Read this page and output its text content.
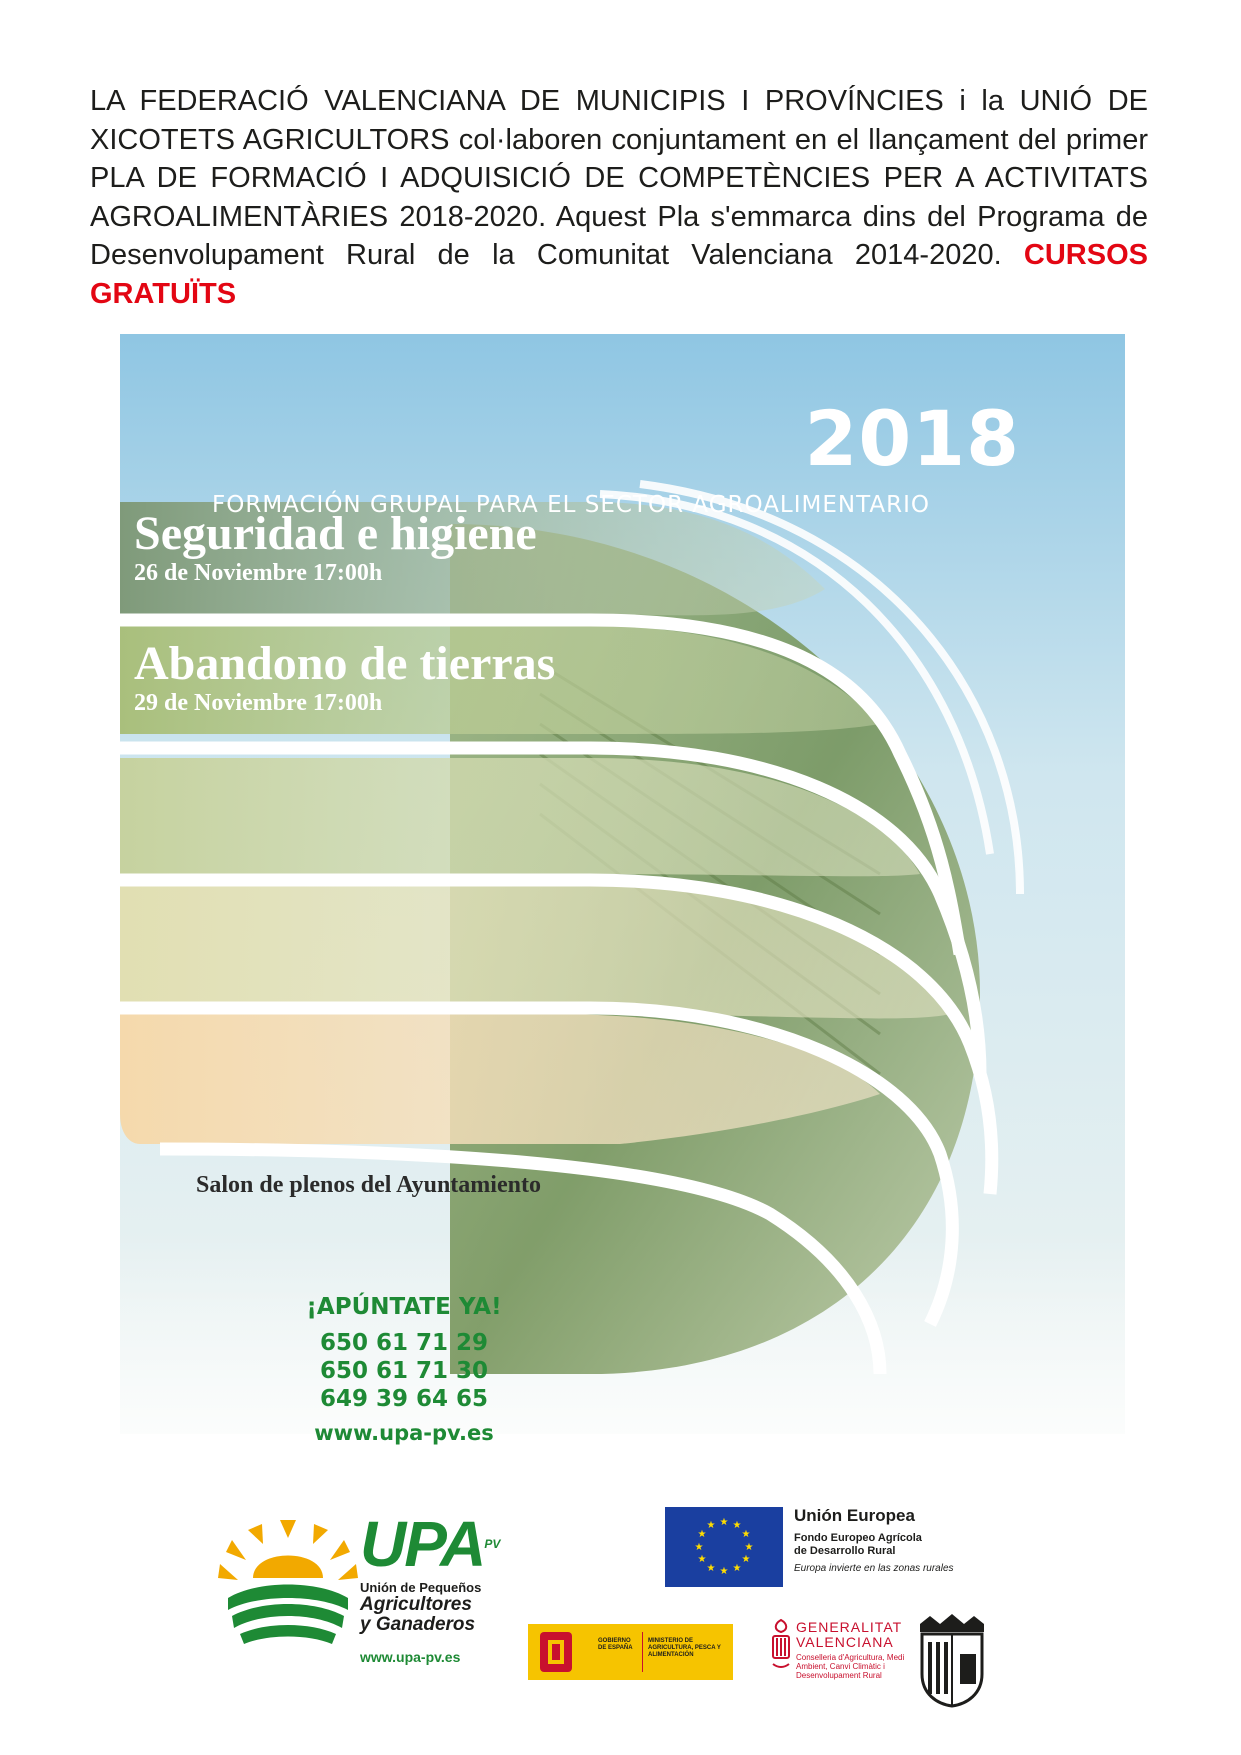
LA FEDERACIÓ VALENCIANA DE MUNICIPIS I PROVÍNCIES i la UNIÓ DE XICOTETS AGRICULTORS col·laboren conjuntament en el llançament del primer PLA DE FORMACIÓ I ADQUISICIÓ DE COMPETÈNCIES PER A ACTIVITATS AGROALIMENTÀRIES 2018-2020. Aquest Pla s'emmarca dins del Programa de Desenvolupament Rural de la Comunitat Valenciana 2014-2020. CURSOS GRATUÏTS
2018
FORMACIÓN GRUPAL PARA EL SECTOR AGROALIMENTARIO
Seguridad e higiene
26 de Noviembre 17:00h
Abandono de tierras
29 de Noviembre 17:00h
Salon de plenos del Ayuntamiento
¡APÚNTATE YA!
650 61 71 29
650 61 71 30
649 39 64 65
www.upa-pv.es
UPAPV
Unión de Pequeños
Agricultores
y Ganaderos
www.upa-pv.es
★ ★
★
★
★
★
★
★
★
★
★
★
Unión Europea
Fondo Europeo Agrícola
de Desarrollo Rural
Europa invierte en las zonas rurales
GOBIERNO DE ESPAÑA
MINISTERIO DE AGRICULTURA, PESCA Y ALIMENTACIÓN
GENERALITAT
VALENCIANA
Conselleria d'Agricultura, Medi Ambient, Canvi Climàtic i Desenvolupament Rural
